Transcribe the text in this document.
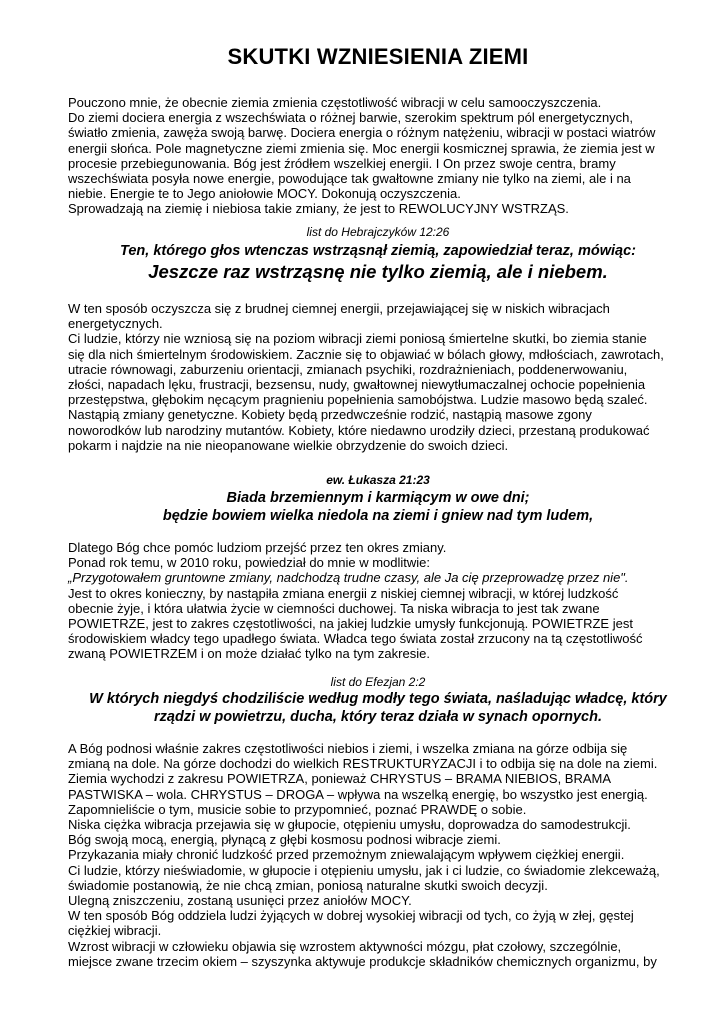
SKUTKI WZNIESIENIA ZIEMI
Pouczono mnie, że obecnie ziemia zmienia częstotliwość wibracji w celu samooczyszczenia.
Do ziemi dociera energia z wszechświata o różnej barwie, szerokim spektrum pól energetycznych,
światło zmienia, zawęża swoją barwę. Dociera energia o różnym natężeniu, wibracji w postaci wiatrów
energii słońca. Pole magnetyczne ziemi zmienia się. Moc energii kosmicznej sprawia, że ziemia jest w
procesie przebiegunowania. Bóg jest źródłem wszelkiej energii. I On przez swoje centra, bramy
wszechświata posyła nowe energie, powodujące tak gwałtowne zmiany nie tylko na ziemi, ale i na
niebie. Energie te to Jego aniołowie MOCY. Dokonują oczyszczenia.
Sprowadzają na ziemię i niebiosa takie zmiany, że jest to REWOLUCYJNY WSTRZĄS.
list do Hebrajczyków 12:26
Ten, którego głos wtenczas wstrząsnął ziemią, zapowiedział teraz, mówiąc:
Jeszcze raz wstrząsnę nie tylko ziemią, ale i niebem.
W ten sposób oczyszcza się z brudnej ciemnej energii, przejawiającej się w niskich wibracjach
energetycznych.
Ci ludzie, którzy nie wzniosą się na poziom wibracji ziemi poniosą śmiertelne skutki, bo ziemia stanie
się dla nich śmiertelnym środowiskiem. Zacznie się to objawiać w bólach głowy, mdłościach, zawrotach,
utracie równowagi, zaburzeniu orientacji, zmianach psychiki, rozdrażnieniach, poddenerwowaniu,
złości, napadach lęku, frustracji, bezsensu, nudy, gwałtownej niewytłumaczalnej ochocie popełnienia
przestępstwa, głębokim nęcącym pragnieniu popełnienia samobójstwa. Ludzie masowo będą szaleć.
Nastąpią zmiany genetyczne. Kobiety będą przedwcześnie rodzić, nastąpią masowe zgony
noworodków lub narodziny mutantów. Kobiety, które niedawno urodziły dzieci, przestaną produkować
pokarm i najdzie na nie nieopanowane wielkie obrzydzenie do swoich dzieci.
ew. Łukasza 21:23
Biada brzemiennym i karmiącym w owe dni;
będzie bowiem wielka niedola na ziemi i gniew nad tym ludem,
Dlatego Bóg chce pomóc ludziom przejść przez ten okres zmiany.
Ponad rok temu, w 2010 roku, powiedział do mnie w modlitwie:
„Przygotowałem gruntowne zmiany, nadchodzą trudne czasy, ale Ja cię przeprowadzę przez nie".
Jest to okres konieczny, by nastąpiła zmiana energii z niskiej ciemnej wibracji, w której ludzkość
obecnie żyje, i która ułatwia życie w ciemności duchowej. Ta niska wibracja to jest tak zwane
POWIETRZE, jest to zakres częstotliwości, na jakiej ludzkie umysły funkcjonują. POWIETRZE jest
środowiskiem władcy tego upadłego świata. Władca tego świata został zrzucony na tą częstotliwość
zwaną POWIETRZEM i on może działać tylko na tym zakresie.
list do Efezjan 2:2
W których niegdyś chodziliście według modły tego świata, naśladując władcę, który
rządzi w powietrzu, ducha, który teraz działa w synach opornych.
A Bóg podnosi właśnie zakres częstotliwości niebios i ziemi, i wszelka zmiana na górze odbija się
zmianą na dole. Na górze dochodzi do wielkich RESTRUKTURYZACJI i to odbija się na dole na ziemi.
Ziemia wychodzi z zakresu POWIETRZA, ponieważ CHRYSTUS – BRAMA NIEBIOS, BRAMA
PASTWISKA – wola. CHRYSTUS – DROGA – wpływa na wszelką energię, bo wszystko jest energią.
Zapomnieliście o tym, musicie sobie to przypomnieć, poznać PRAWDĘ o sobie.
Niska ciężka wibracja przejawia się w głupocie, otępieniu umysłu, doprowadza do samodestrukcji.
Bóg swoją mocą, energią, płynącą z głębi kosmosu podnosi wibracje ziemi.
Przykazania miały chronić ludzkość przed przemożnym zniewalającym wpływem ciężkiej energii.
Ci ludzie, którzy nieświadomie, w głupocie i otępieniu umysłu, jak i ci ludzie, co świadomie zlekceważą,
świadomie postanowią, że nie chcą zmian, poniosą naturalne skutki swoich decyzji.
Ulegną zniszczeniu, zostaną usunięci przez aniołów MOCY.
W ten sposób Bóg oddziela ludzi żyjących w dobrej wysokiej wibracji od tych, co żyją w złej, gęstej
ciężkiej wibracji.
Wzrost wibracji w człowieku objawia się wzrostem aktywności mózgu, płat czołowy, szczególnie,
miejsce zwane trzecim okiem – szyszynka aktywuje produkcje składników chemicznych organizmu, by
